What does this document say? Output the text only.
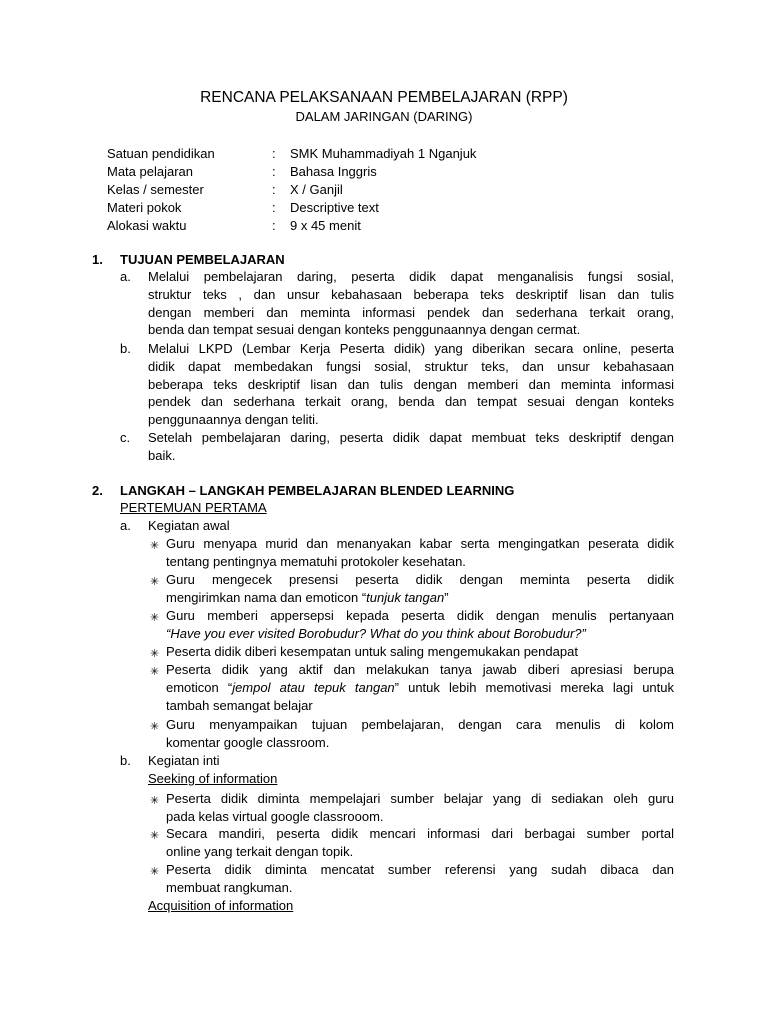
RENCANA PELAKSANAAN PEMBELAJARAN (RPP)
DALAM JARINGAN (DARING)
Satuan pendidikan	: SMK Muhammadiyah 1 Nganjuk
Mata pelajaran	: Bahasa Inggris
Kelas / semester	: X / Ganjil
Materi pokok	: Descriptive text
Alokasi waktu	: 9 x 45 menit
1. TUJUAN PEMBELAJARAN
a. Melalui pembelajaran daring, peserta didik dapat menganalisis fungsi sosial,
struktur teks , dan unsur kebahasaan beberapa teks deskriptif lisan dan tulis
dengan memberi dan meminta informasi pendek dan sederhana terkait orang,
benda dan tempat sesuai dengan konteks penggunaannya dengan cermat.
b. Melalui LKPD (Lembar Kerja Peserta didik) yang diberikan secara online, peserta
didik dapat membedakan fungsi sosial, struktur teks, dan unsur kebahasaan
beberapa teks deskriptif lisan dan tulis dengan memberi dan meminta informasi
pendek dan sederhana terkait orang, benda dan tempat sesuai dengan konteks
penggunaannya dengan teliti.
c. Setelah pembelajaran daring, peserta didik dapat membuat teks deskriptif dengan
baik.
2. LANGKAH – LANGKAH PEMBELAJARAN BLENDED LEARNING
PERTEMUAN PERTAMA
a. Kegiatan awal
✳ Guru menyapa murid dan menanyakan kabar serta mengingatkan peserata didik
tentang pentingnya mematuhi protokoler kesehatan.
✳ Guru mengecek presensi peserta didik dengan meminta peserta didik
mengirimkan nama dan emoticon “tunjuk tangan”
✳ Guru memberi appersepsi kepada peserta didik dengan menulis pertanyaan
“Have you ever visited Borobudur? What do you think about Borobudur?”
✳ Peserta didik diberi kesempatan untuk saling mengemukakan pendapat
✳ Peserta didik yang aktif dan melakukan tanya jawab diberi apresiasi berupa
emoticon “jempol atau tepuk tangan” untuk lebih memotivasi mereka lagi untuk
tambah semangat belajar
✳ Guru menyampaikan tujuan pembelajaran, dengan cara menulis di kolom
komentar google classroom.
b. Kegiatan inti
Seeking of information
✳ Peserta didik diminta mempelajari sumber belajar yang di sediakan oleh guru
pada kelas virtual google classrooom.
✳ Secara mandiri, peserta didik mencari informasi dari berbagai sumber portal
online yang terkait dengan topik.
✳ Peserta didik diminta mencatat sumber referensi yang sudah dibaca dan
membuat rangkuman.
Acquisition of information
